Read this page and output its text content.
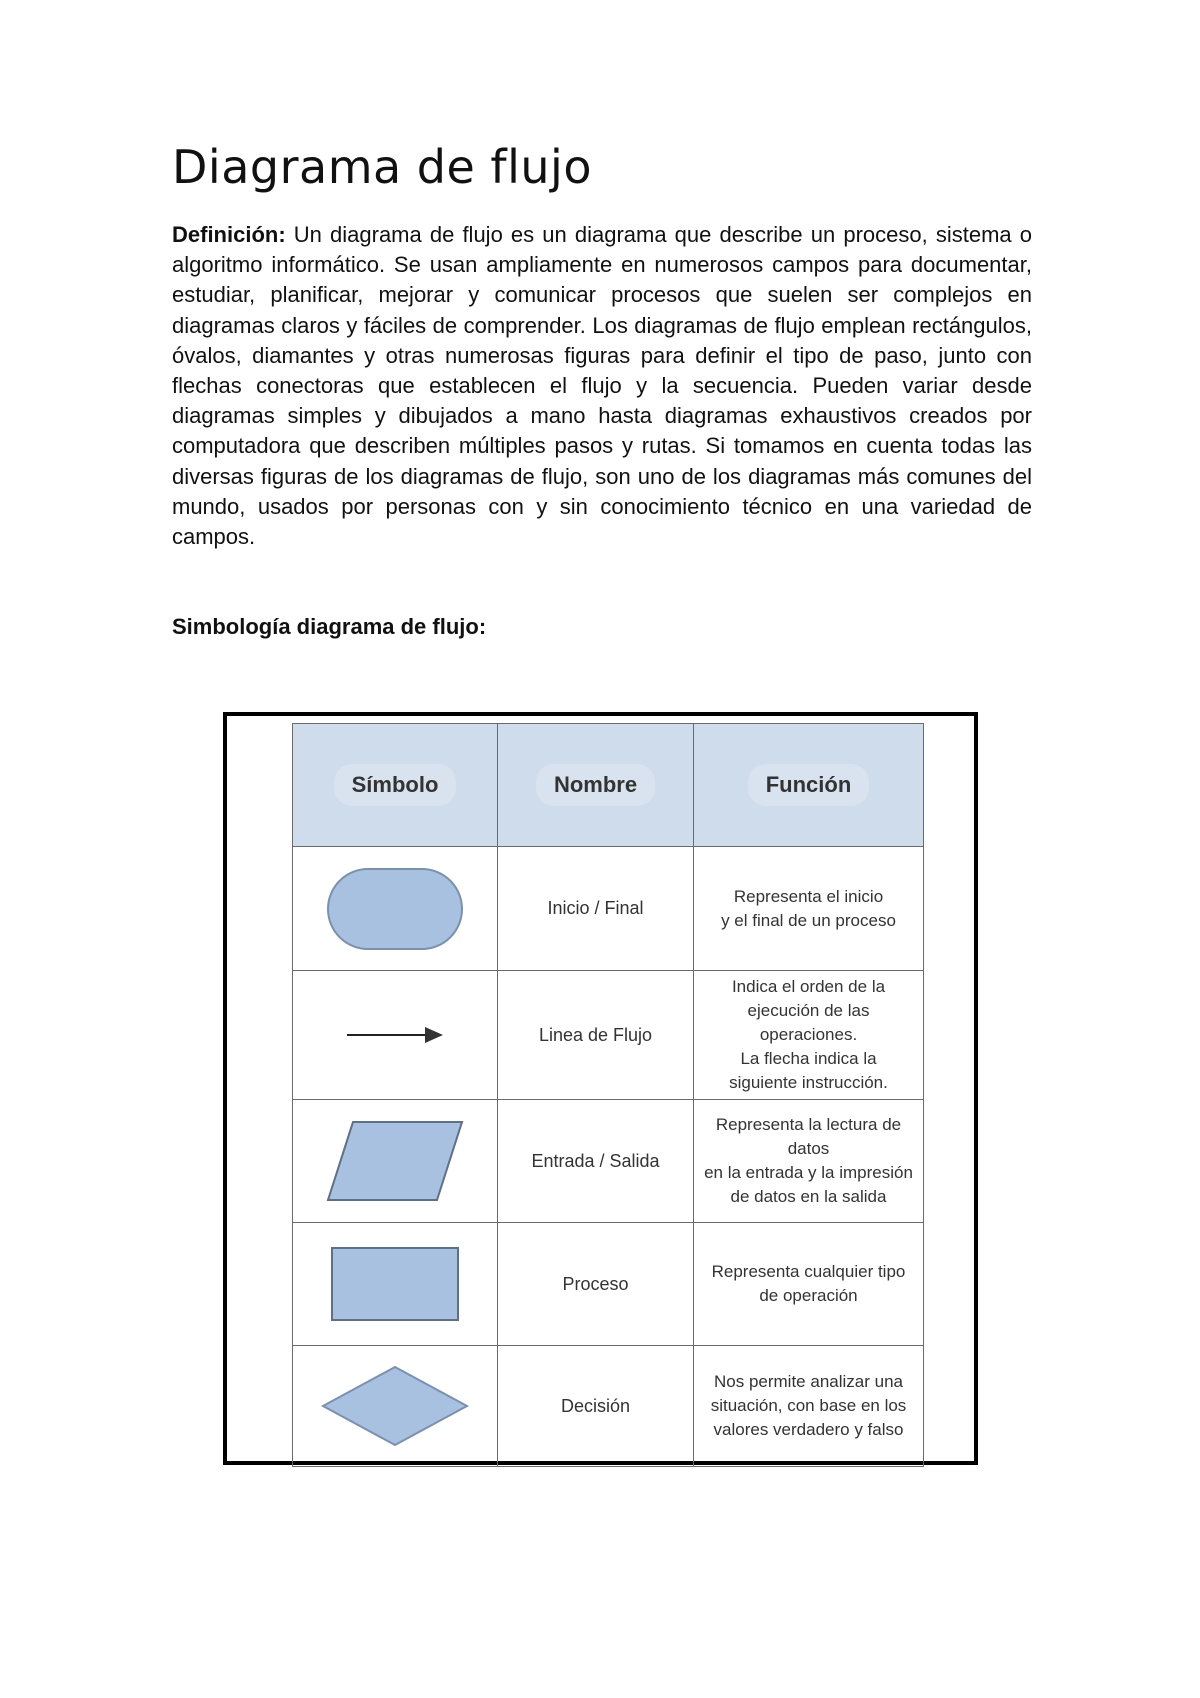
Diagrama de flujo

Definición: Un diagrama de flujo es un diagrama que describe un proceso, sistema o algoritmo informático. Se usan ampliamente en numerosos campos para documentar, estudiar, planificar, mejorar y comunicar procesos que suelen ser complejos en diagramas claros y fáciles de comprender. Los diagramas de flujo emplean rectángulos, óvalos, diamantes y otras numerosas figuras para definir el tipo de paso, junto con flechas conectoras que establecen el flujo y la secuencia. Pueden variar desde diagramas simples y dibujados a mano hasta diagramas exhaustivos creados por computadora que describen múltiples pasos y rutas. Si tomamos en cuenta todas las diversas figuras de los diagramas de flujo, son uno de los diagramas más comunes del mundo, usados por personas con y sin conocimiento técnico en una variedad de campos.

Simbología diagrama de flujo:
Símbolo	Nombre	Función

Inicio / Final	Representa el inicio
y el final de un proceso

Linea de Flujo	Indica el orden de la
ejecución de las operaciones.
La flecha indica la
siguiente instrucción.

Entrada / Salida	Representa la lectura de datos
en la entrada y la impresión
de datos en la salida

Proceso	Representa cualquier tipo
de operación

Decisión	Nos permite analizar una
situación, con base en los
valores verdadero y falso
